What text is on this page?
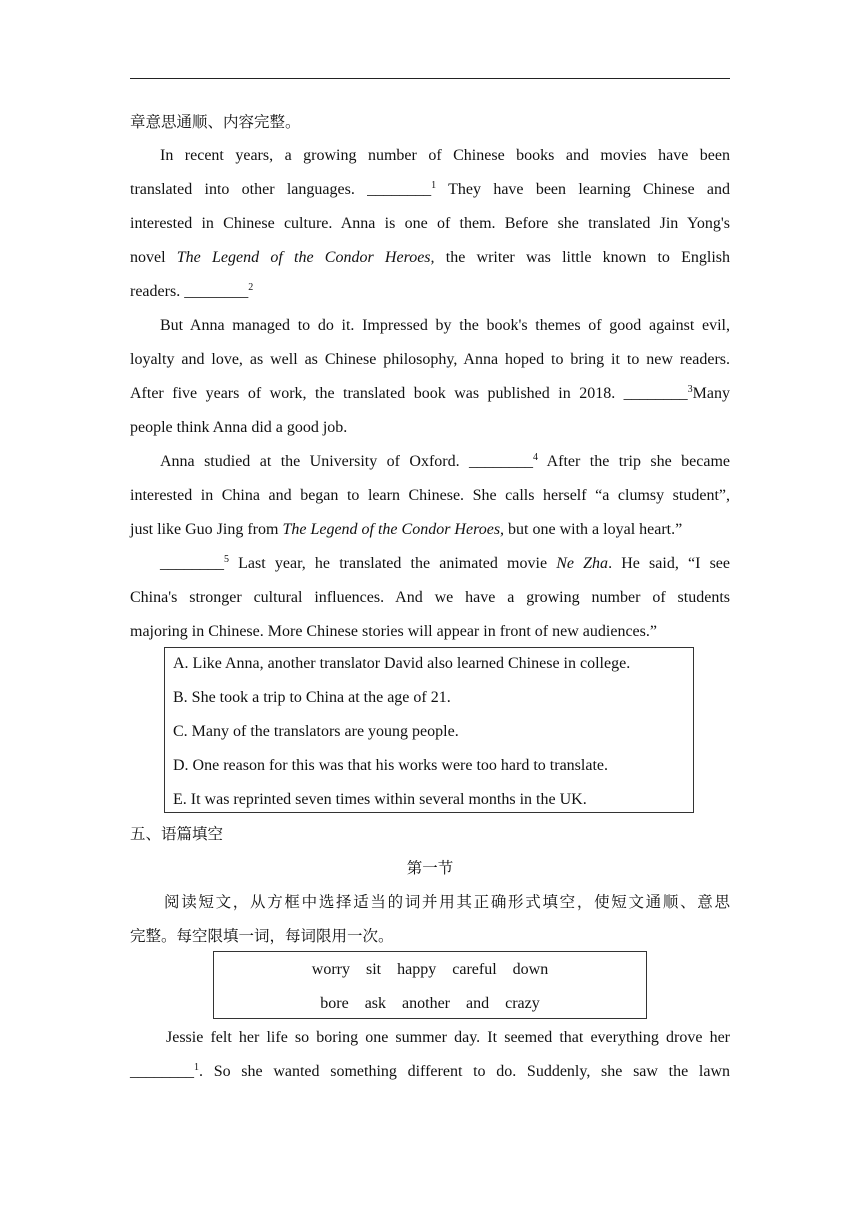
章意思通顺、内容完整。
In recent years, a growing number of Chinese books and movies have been
translated into other languages. ________$^1$ They have been learning Chinese and
interested in Chinese culture. Anna is one of them. Before she translated Jin Yong's
novel The Legend of the Condor Heroes, the writer was little known to English
readers. ________$^2$
But Anna managed to do it. Impressed by the book's themes of good against evil,
loyalty and love, as well as Chinese philosophy, Anna hoped to bring it to new readers.
After five years of work, the translated book was published in 2018. ________$^3$Many
people think Anna did a good job.
Anna studied at the University of Oxford. ________$^4$ After the trip she became
interested in China and began to learn Chinese. She calls herself “a clumsy student”,
just like Guo Jing from The Legend of the Condor Heroes, but one with a loyal heart.”
________$^5$ Last year, he translated the animated movie Ne Zha. He said, “I see
China's stronger cultural influences. And we have a growing number of students
majoring in Chinese. More Chinese stories will appear in front of new audiences.”
A. Like Anna, another translator David also learned Chinese in college.
B. She took a trip to China at the age of 21.
C. Many of the translators are young people.
D. One reason for this was that his works were too hard to translate.
E. It was reprinted seven times within several months in the UK.
五、语篇填空
第一节
阅读短文，从方框中选择适当的词并用其正确形式填空，使短文通顺、意思
完整。每空限填一词，每词限用一次。
worry sit happy careful down
bore ask another and crazy
Jessie felt her life so boring one summer day. It seemed that everything drove her
________$^1$. So she wanted something different to do. Suddenly, she saw the lawn
